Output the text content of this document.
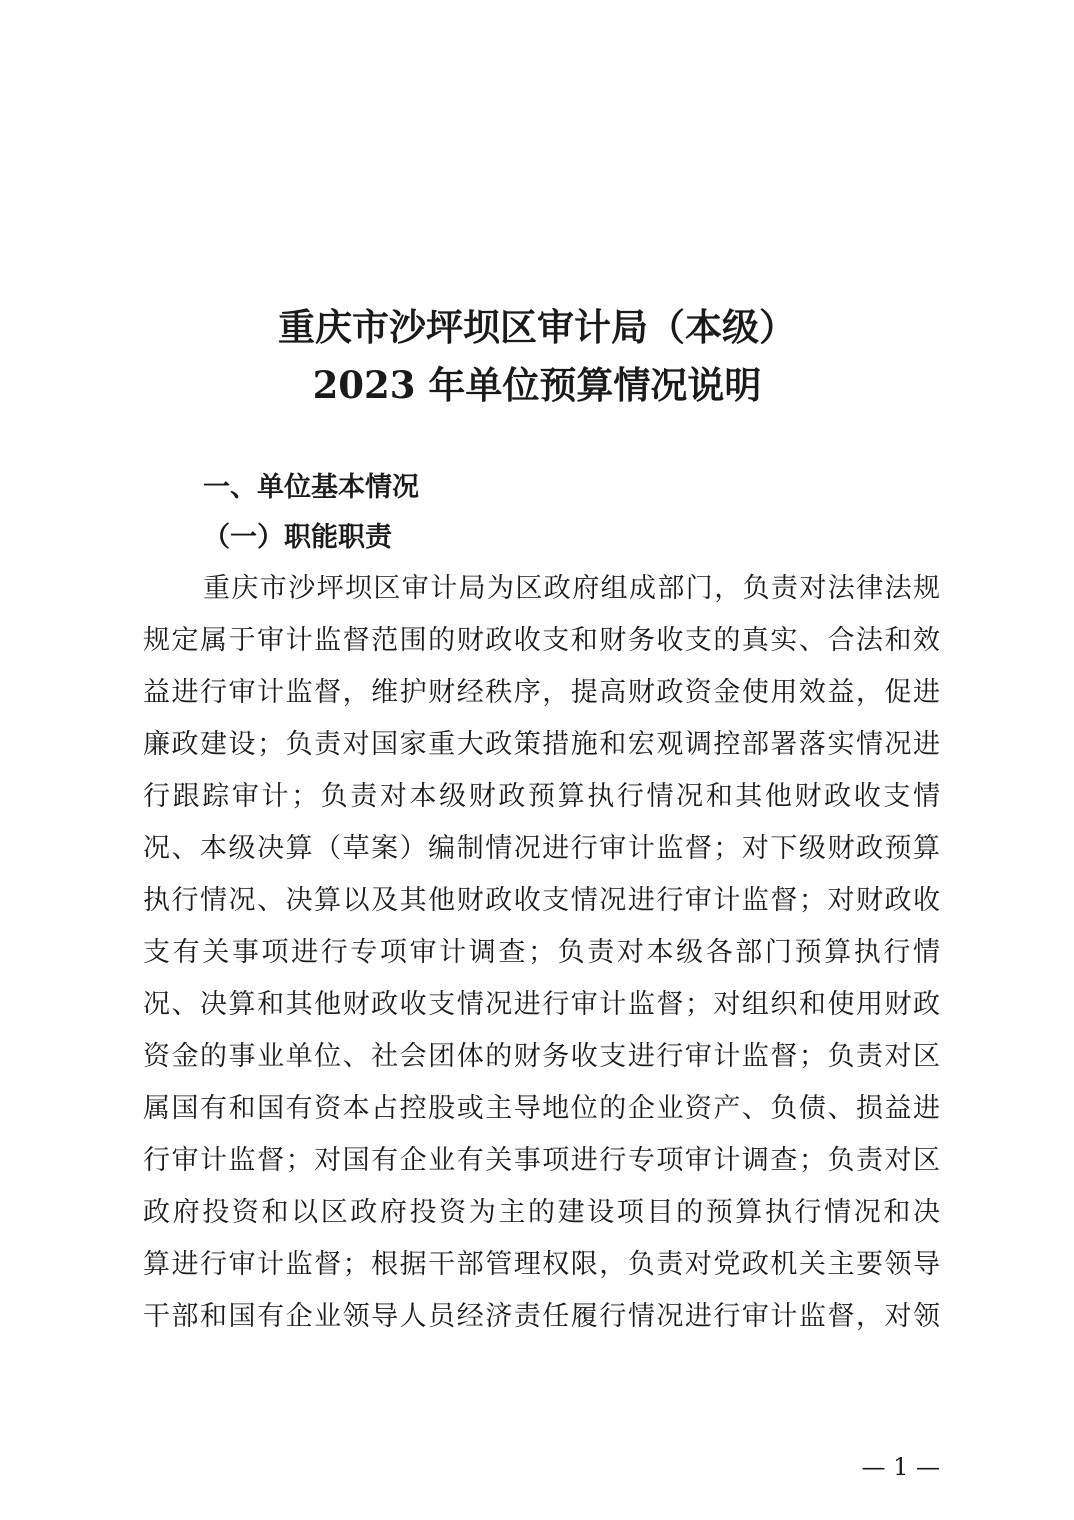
重庆市沙坪坝区审计局（本级）
2023 年单位预算情况说明
一、单位基本情况
（一）职能职责
重庆市沙坪坝区审计局为区政府组成部门，负责对法律法规
规定属于审计监督范围的财政收支和财务收支的真实、合法和效
益进行审计监督，维护财经秩序，提高财政资金使用效益，促进
廉政建设；负责对国家重大政策措施和宏观调控部署落实情况进
行跟踪审计；负责对本级财政预算执行情况和其他财政收支情
况、本级决算（草案）编制情况进行审计监督；对下级财政预算
执行情况、决算以及其他财政收支情况进行审计监督；对财政收
支有关事项进行专项审计调查；负责对本级各部门预算执行情
况、决算和其他财政收支情况进行审计监督；对组织和使用财政
资金的事业单位、社会团体的财务收支进行审计监督；负责对区
属国有和国有资本占控股或主导地位的企业资产、负债、损益进
行审计监督；对国有企业有关事项进行专项审计调查；负责对区
政府投资和以区政府投资为主的建设项目的预算执行情况和决
算进行审计监督；根据干部管理权限，负责对党政机关主要领导
干部和国有企业领导人员经济责任履行情况进行审计监督，对领
— 1 —
